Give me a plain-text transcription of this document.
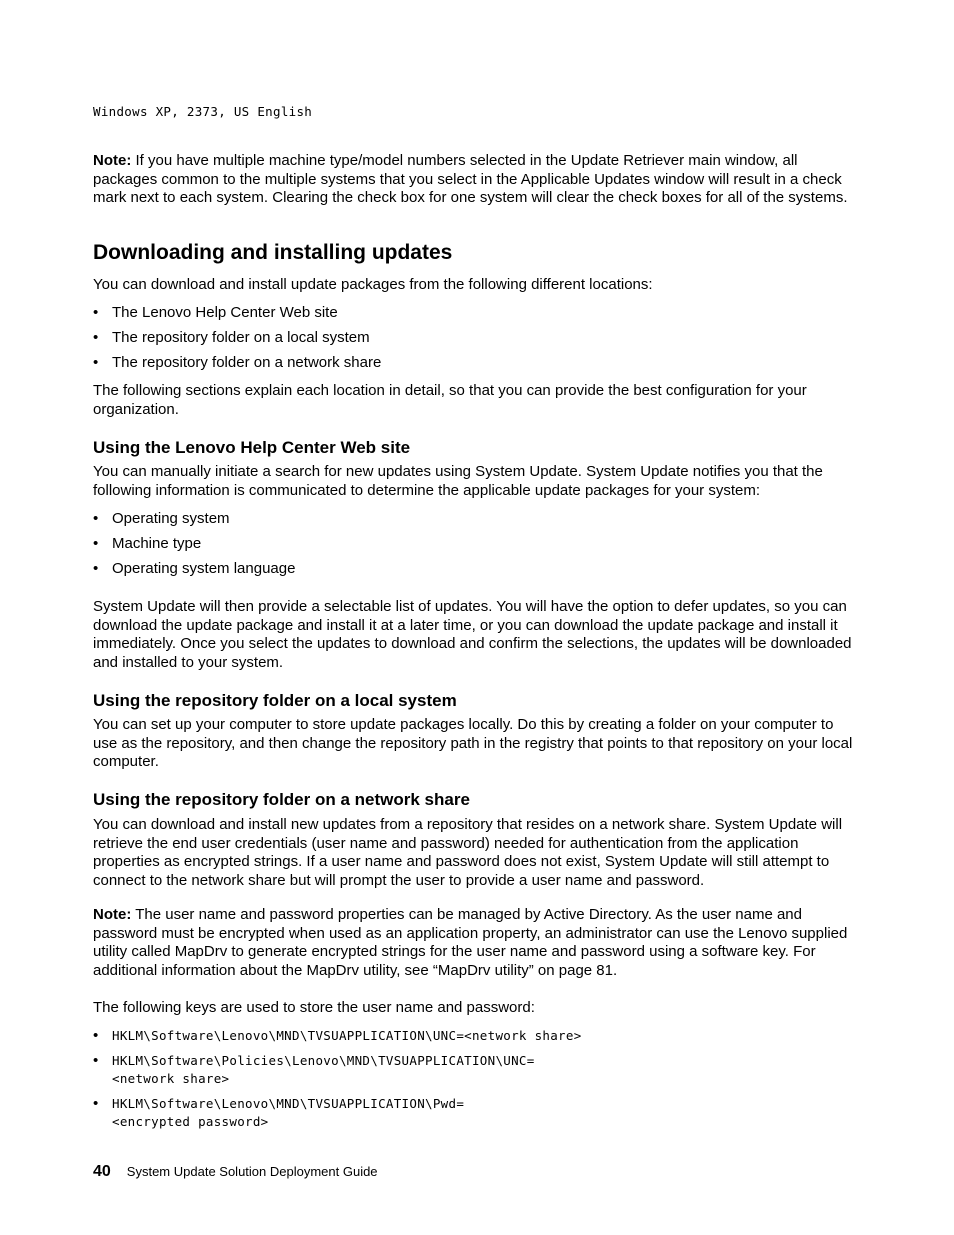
Windows XP, 2373, US English

Note: If you have multiple machine type/model numbers selected in the Update Retriever main window, all packages common to the multiple systems that you select in the Applicable Updates window will result in a check mark next to each system. Clearing the check box for one system will clear the check boxes for all of the systems.

Downloading and installing updates

You can download and install update packages from the following different locations:

• The Lenovo Help Center Web site
• The repository folder on a local system
• The repository folder on a network share

The following sections explain each location in detail, so that you can provide the best configuration for your organization.

Using the Lenovo Help Center Web site

You can manually initiate a search for new updates using System Update. System Update notifies you that the following information is communicated to determine the applicable update packages for your system:

• Operating system
• Machine type
• Operating system language

System Update will then provide a selectable list of updates. You will have the option to defer updates, so you can download the update package and install it at a later time, or you can download the update package and install it immediately. Once you select the updates to download and confirm the selections, the updates will be downloaded and installed to your system.

Using the repository folder on a local system

You can set up your computer to store update packages locally. Do this by creating a folder on your computer to use as the repository, and then change the repository path in the registry that points to that repository on your local computer.

Using the repository folder on a network share

You can download and install new updates from a repository that resides on a network share. System Update will retrieve the end user credentials (user name and password) needed for authentication from the application properties as encrypted strings. If a user name and password does not exist, System Update will still attempt to connect to the network share but will prompt the user to provide a user name and password.

Note: The user name and password properties can be managed by Active Directory. As the user name and password must be encrypted when used as an application property, an administrator can use the Lenovo supplied utility called MapDrv to generate encrypted strings for the user name and password using a software key. For additional information about the MapDrv utility, see “MapDrv utility” on page 81.

The following keys are used to store the user name and password:

• HKLM\Software\Lenovo\MND\TVSUAPPLICATION\UNC=<network share>
• HKLM\Software\Policies\Lenovo\MND\TVSUAPPLICATION\UNC=
<network share>
• HKLM\Software\Lenovo\MND\TVSUAPPLICATION\Pwd=
<encrypted password>
40 System Update Solution Deployment Guide
